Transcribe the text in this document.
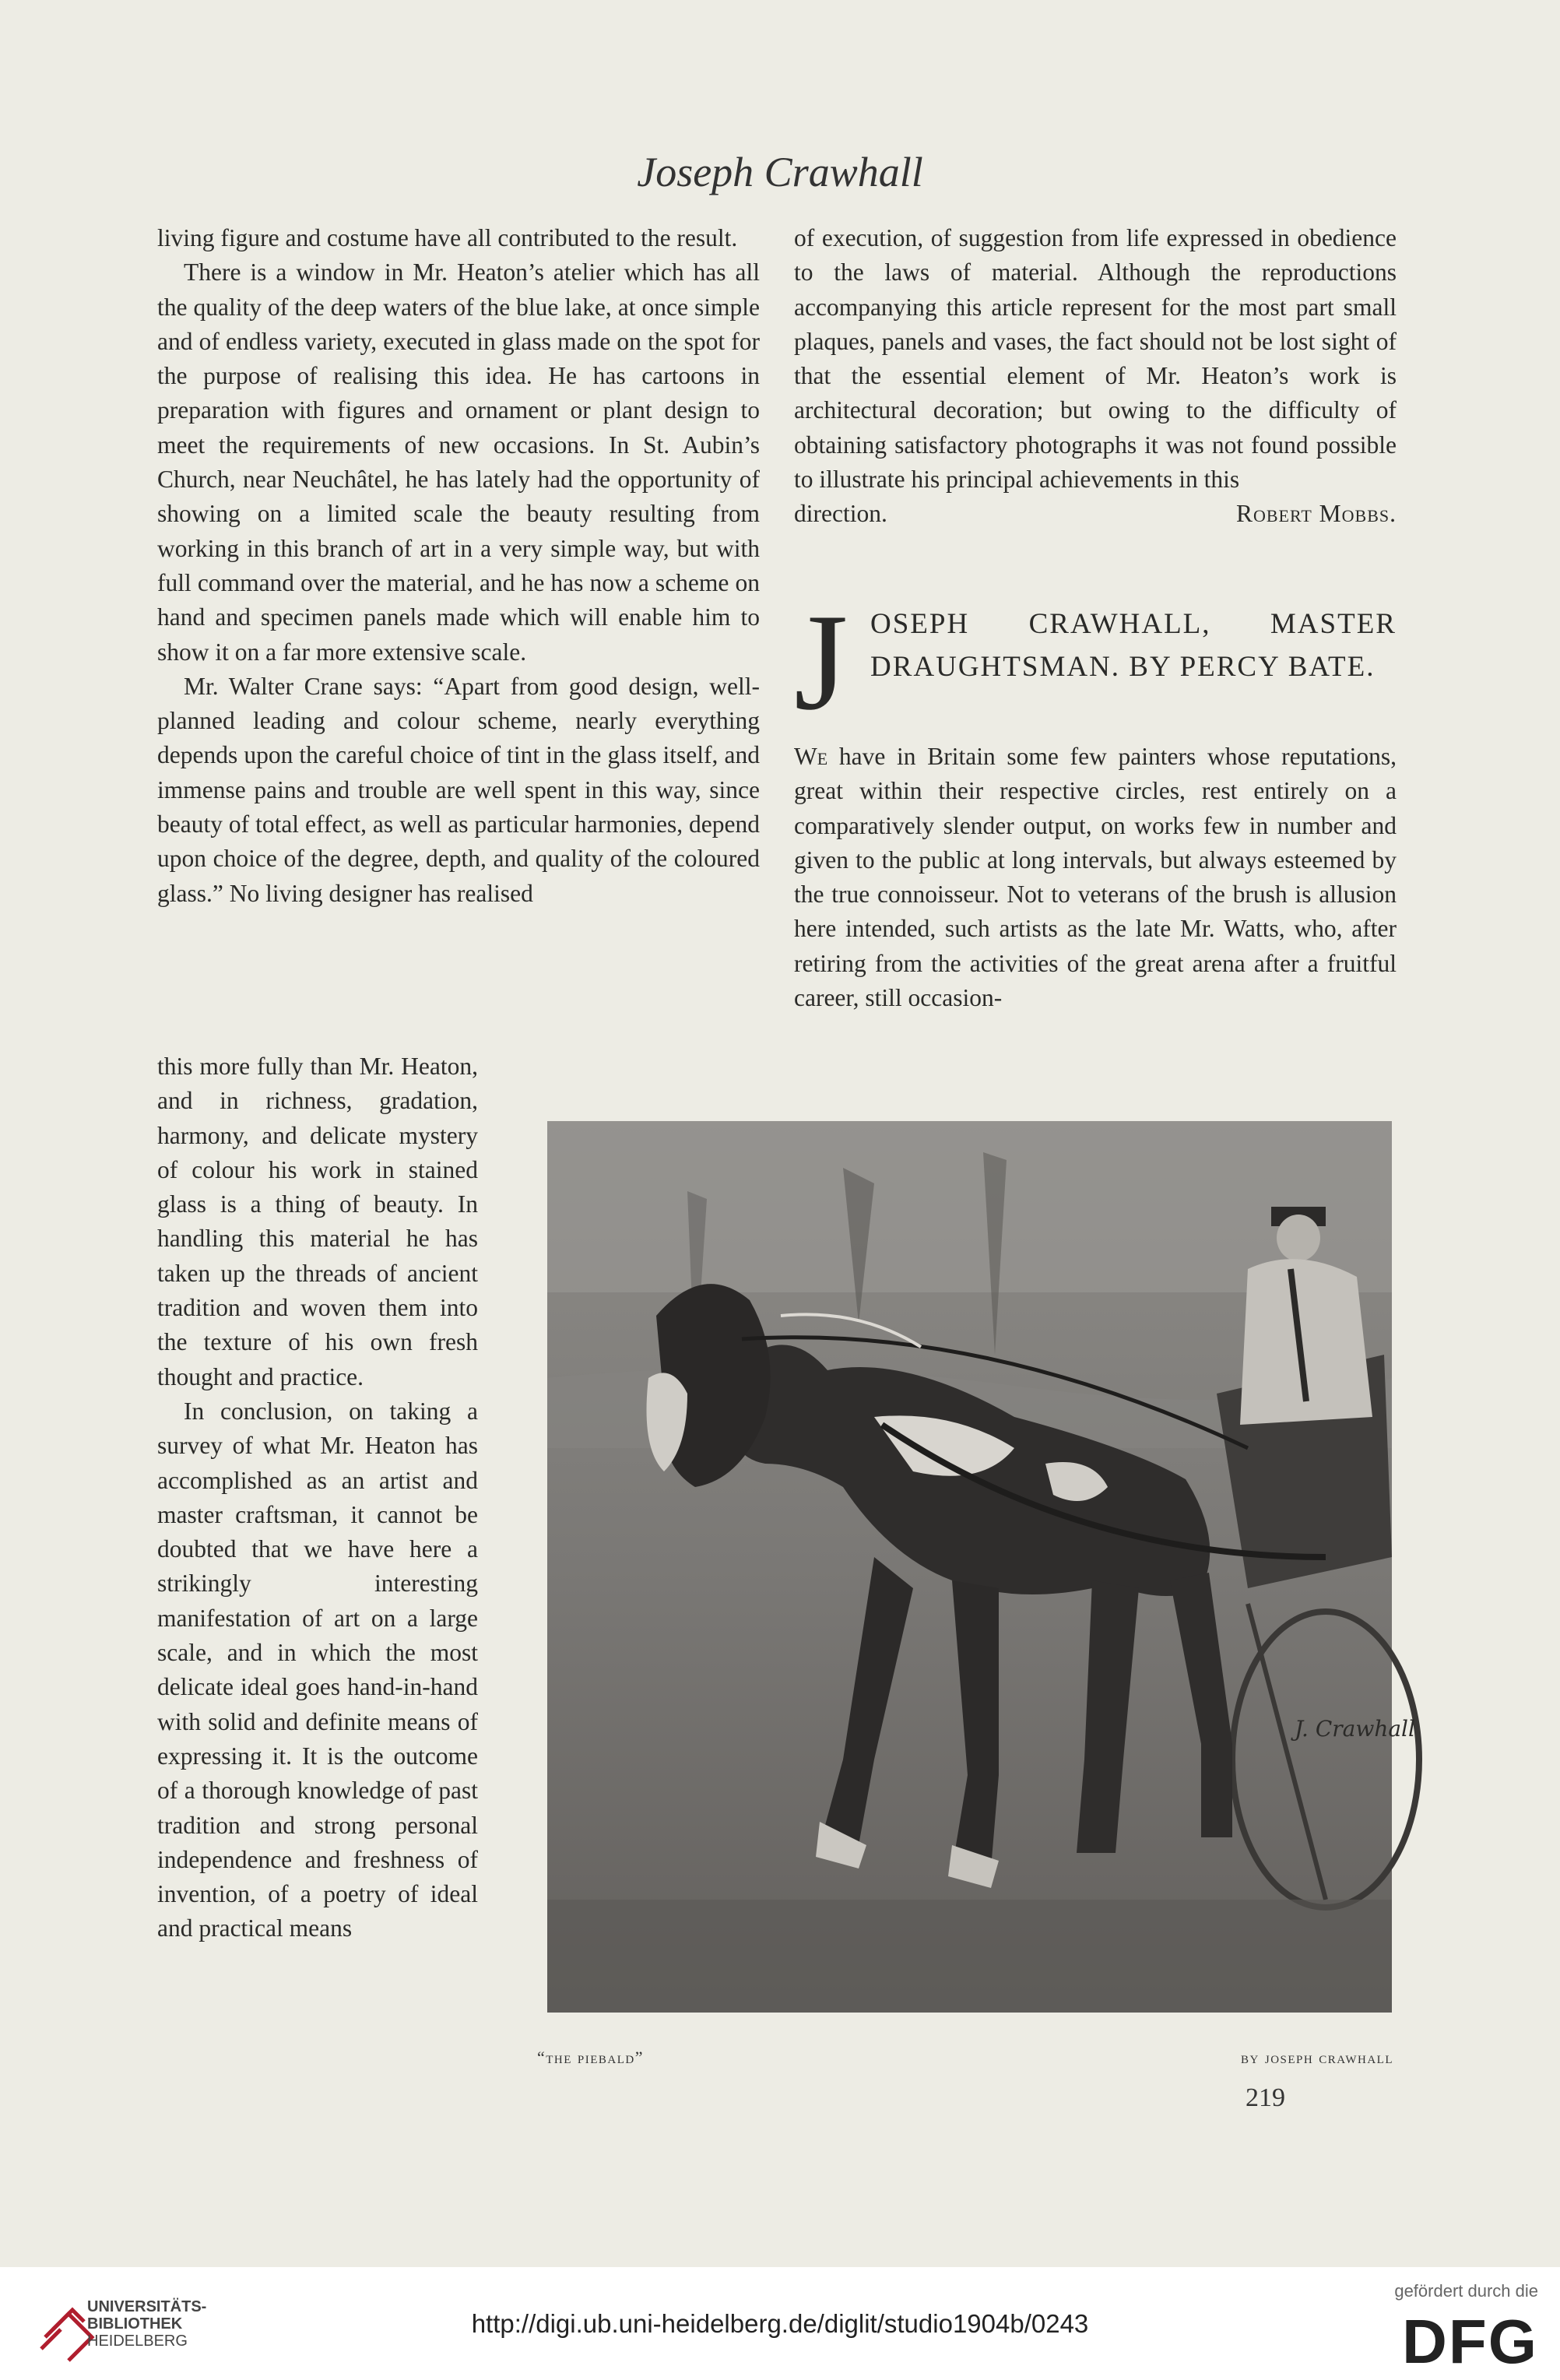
Joseph Crawhall

living figure and costume have all contributed to the result.

There is a window in Mr. Heaton’s atelier which has all the quality of the deep waters of the blue lake, at once simple and of endless variety, executed in glass made on the spot for the purpose of realising this idea. He has cartoons in preparation with figures and ornament or plant design to meet the requirements of new occasions. In St. Aubin’s Church, near Neuchâtel, he has lately had the opportunity of showing on a limited scale the beauty resulting from working in this branch of art in a very simple way, but with full command over the material, and he has now a scheme on hand and specimen panels made which will enable him to show it on a far more extensive scale.

Mr. Walter Crane says: “Apart from good design, well-planned leading and colour scheme, nearly everything depends upon the careful choice of tint in the glass itself, and immense pains and trouble are well spent in this way, since beauty of total effect, as well as particular harmonies, depend upon choice of the degree, depth, and quality of the coloured glass.” No living designer has realised

this more fully than Mr. Heaton, and in richness, gradation, harmony, and delicate mystery of colour his work in stained glass is a thing of beauty. In handling this material he has taken up the threads of ancient tradition and woven them into the texture of his own fresh thought and practice.

In conclusion, on taking a survey of what Mr. Heaton has accomplished as an artist and master craftsman, it cannot be doubted that we have here a strikingly interesting manifestation of art on a large scale, and in which the most delicate ideal goes hand-in-hand with solid and definite means of expressing it. It is the outcome of a thorough knowledge of past tradition and strong personal independence and freshness of invention, of a poetry of ideal and practical means

of execution, of suggestion from life expressed in obedience to the laws of material. Although the reproductions accompanying this article represent for the most part small plaques, panels and vases, the fact should not be lost sight of that the essential element of Mr. Heaton’s work is architectural decoration; but owing to the difficulty of obtaining satisfactory photographs it was not found possible to illustrate his principal achievements in this

direction.	Robert Mobbs.
J OSEPH CRAWHALL, MASTER DRAUGHTSMAN. BY PERCY BATE.

We have in Britain some few painters whose reputations, great within their respective circles, rest entirely on a comparatively slender output, on works few in number and given to the public at long intervals, but always esteemed by the true connoisseur. Not to veterans of the brush is allusion here intended, such artists as the late Mr. Watts, who, after retiring from the activities of the great arena after a fruitful career, still occasion-

J. Crawhall
“the piebald”	by joseph crawhall
219
UNIVERSITÄTS-
BIBLIOTHEK
HEIDELBERG
http://digi.ub.uni-heidelberg.de/diglit/studio1904b/0243
gefördert durch die
DFG
